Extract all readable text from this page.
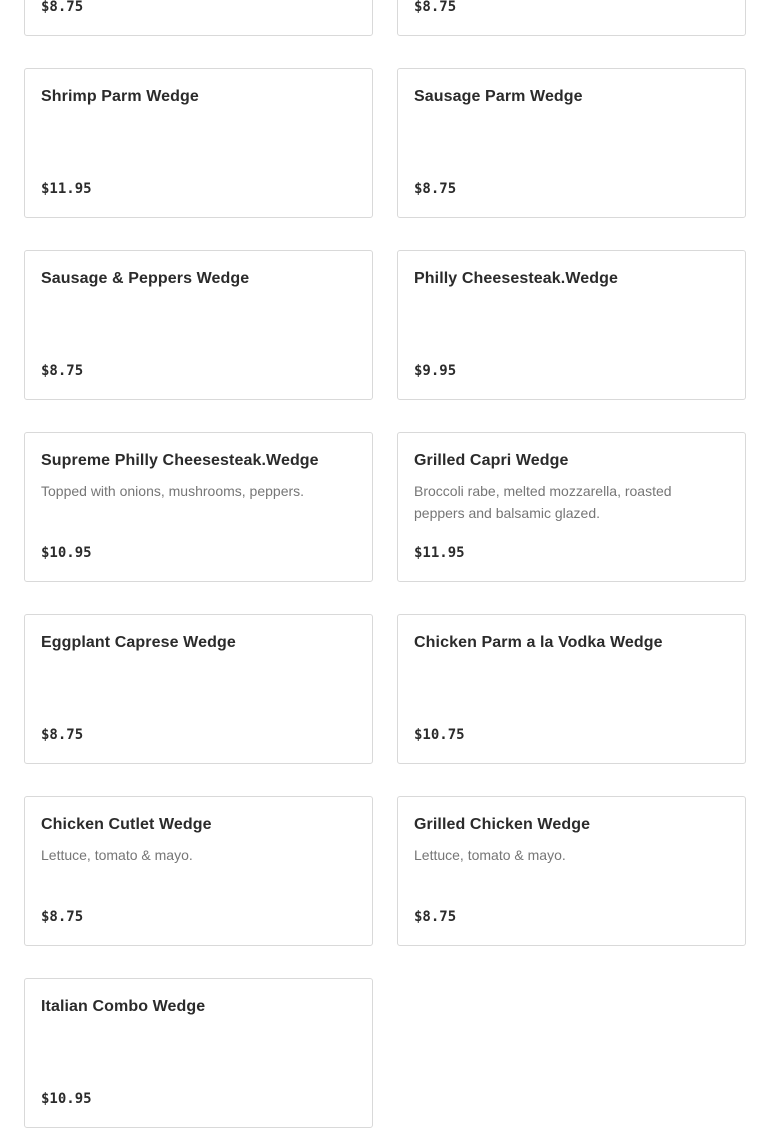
$8.75	$8.75
Shrimp Parm Wedge
$11.95
Sausage Parm Wedge
$8.75
Sausage & Peppers Wedge
$8.75
Philly Cheesesteak.Wedge
$9.95
Supreme Philly Cheesesteak.Wedge
Topped with onions, mushrooms, peppers.
$10.95
Grilled Capri Wedge
Broccoli rabe, melted mozzarella, roasted peppers and balsamic glazed.
$11.95
Eggplant Caprese Wedge
$8.75
Chicken Parm a la Vodka Wedge
$10.75
Chicken Cutlet Wedge
Lettuce, tomato & mayo.
$8.75
Grilled Chicken Wedge
Lettuce, tomato & mayo.
$8.75
Italian Combo Wedge
$10.95
